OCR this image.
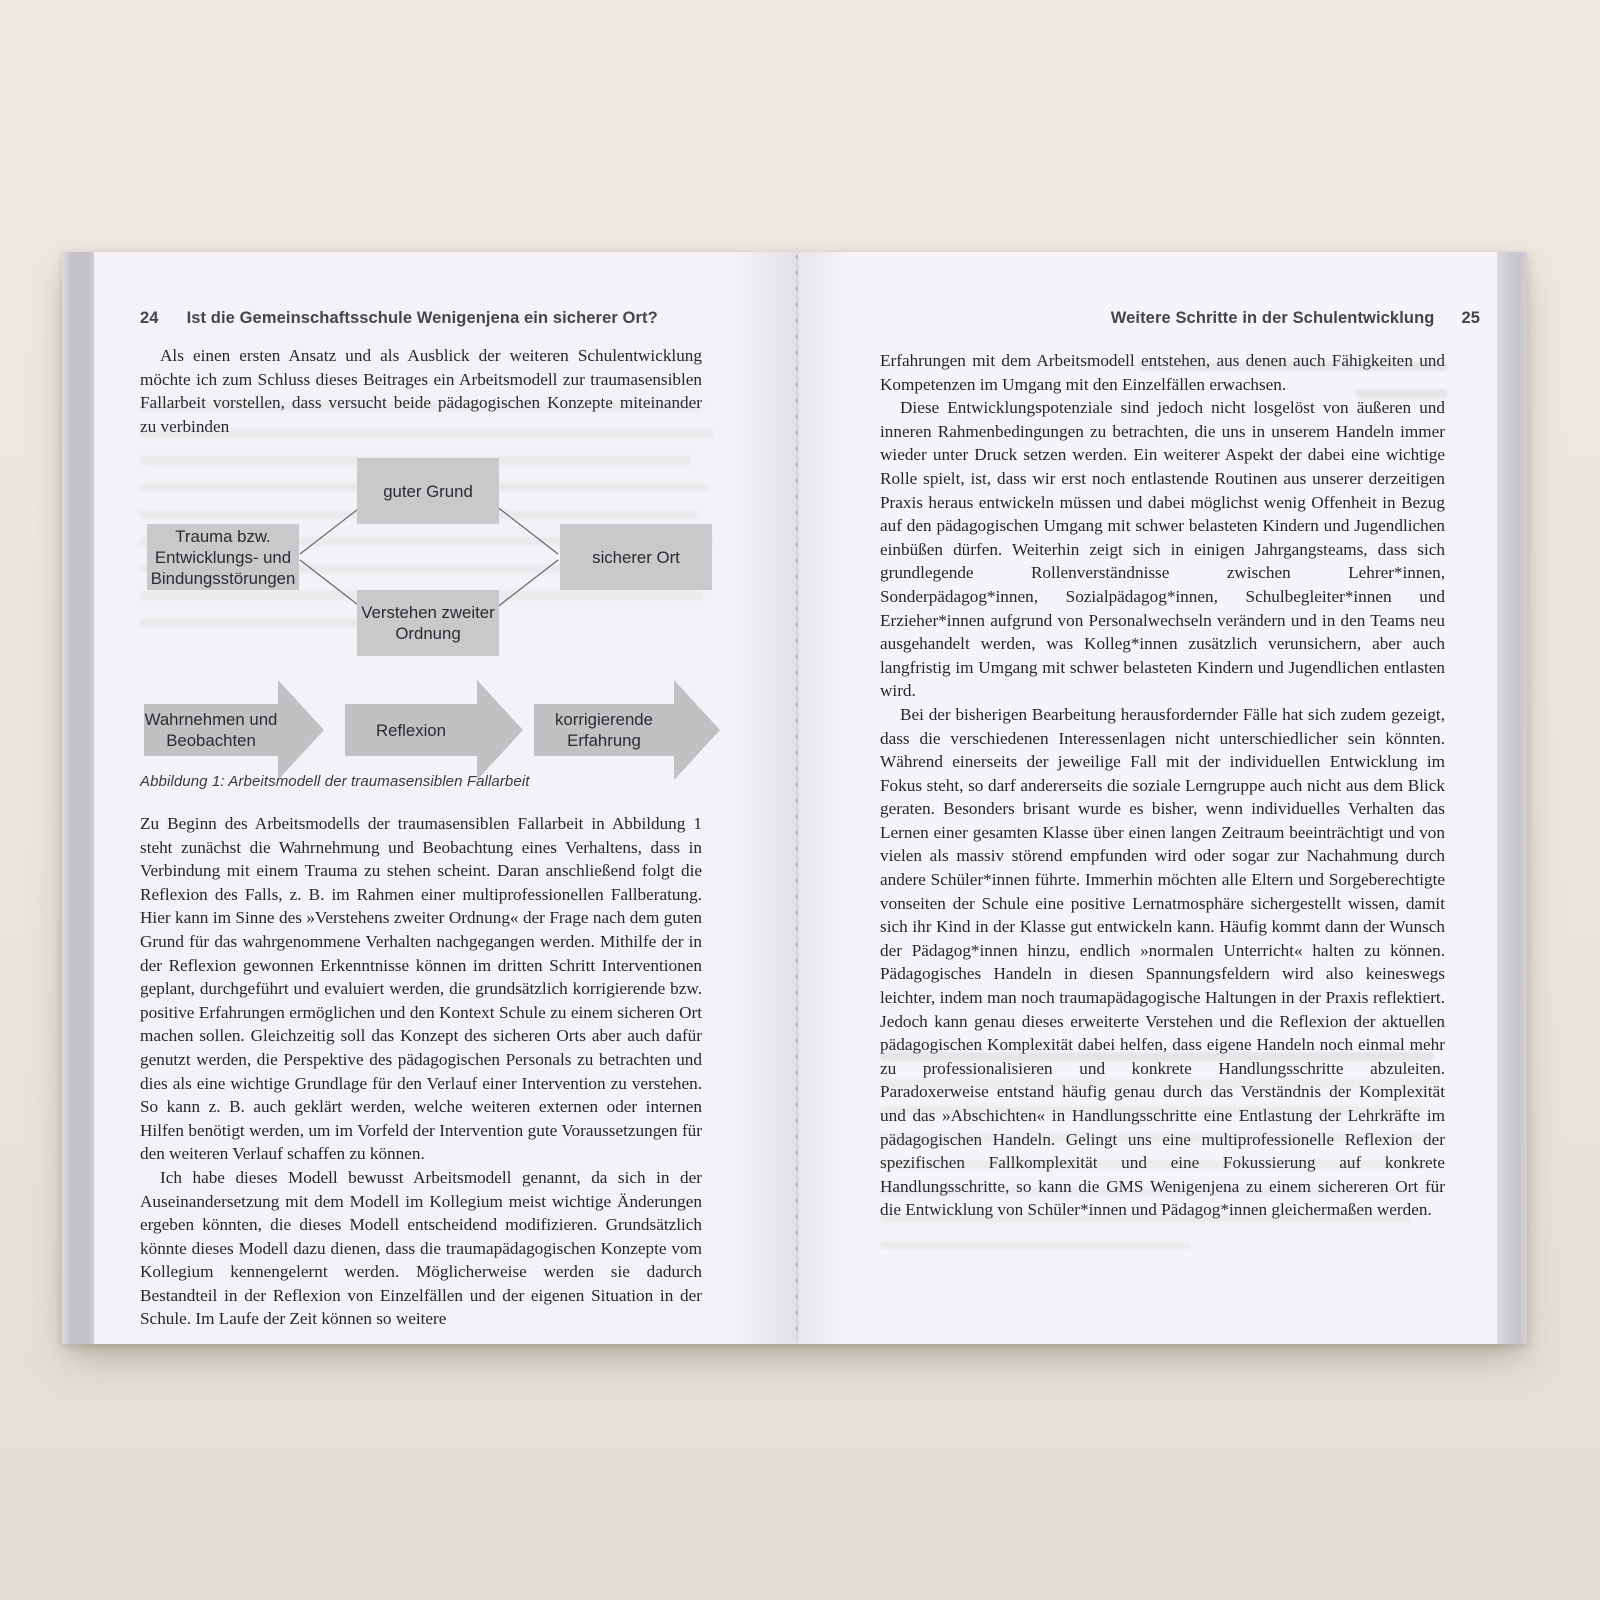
24 Ist die Gemeinschaftsschule Wenigenjena ein sicherer Ort?

Als einen ersten Ansatz und als Ausblick der weiteren Schulentwicklung möchte ich zum Schluss dieses Beitrages ein Arbeitsmodell zur traumasensiblen Fallarbeit vorstellen, dass versucht beide pädagogischen Konzepte miteinander zu verbinden

Trauma bzw. Entwicklungs- und Bindungsstörungen
guter Grund
Verstehen zweiter Ordnung
sicherer Ort
Wahrnehmen und Beobachten
Reflexion
korrigierende Erfahrung
Abbildung 1: Arbeitsmodell der traumasensiblen Fallarbeit

Zu Beginn des Arbeitsmodells der traumasensiblen Fallarbeit in Abbildung 1 steht zunächst die Wahrnehmung und Beobachtung eines Verhaltens, dass in Verbindung mit einem Trauma zu stehen scheint. Daran anschließend folgt die Reflexion des Falls, z. B. im Rahmen einer multiprofessionellen Fallberatung. Hier kann im Sinne des »Verstehens zweiter Ordnung« der Frage nach dem guten Grund für das wahrgenommene Verhalten nachgegangen werden. Mithilfe der in der Reflexion gewonnen Erkenntnisse können im dritten Schritt Interventionen geplant, durchgeführt und evaluiert werden, die grundsätzlich korrigierende bzw. positive Erfahrungen ermöglichen und den Kontext Schule zu einem sicheren Ort machen sollen. Gleichzeitig soll das Konzept des sicheren Orts aber auch dafür genutzt werden, die Perspektive des pädagogischen Personals zu betrachten und dies als eine wichtige Grundlage für den Verlauf einer Intervention zu verstehen. So kann z. B. auch geklärt werden, welche weiteren externen oder internen Hilfen benötigt werden, um im Vorfeld der Intervention gute Voraussetzungen für den weiteren Verlauf schaffen zu können.

Ich habe dieses Modell bewusst Arbeitsmodell genannt, da sich in der Auseinandersetzung mit dem Modell im Kollegium meist wichtige Änderungen ergeben könnten, die dieses Modell entscheidend modifizieren. Grundsätzlich könnte dieses Modell dazu dienen, dass die traumapädagogischen Konzepte vom Kollegium kennengelernt werden. Möglicherweise werden sie dadurch Bestandteil in der Reflexion von Einzelfällen und der eigenen Situation in der Schule. Im Laufe der Zeit können so weitere

Weitere Schritte in der Schulentwicklung 25

Erfahrungen mit dem Arbeitsmodell entstehen, aus denen auch Fähigkeiten und Kompetenzen im Umgang mit den Einzelfällen erwachsen.

Diese Entwicklungspotenziale sind jedoch nicht losgelöst von äußeren und inneren Rahmenbedingungen zu betrachten, die uns in unserem Handeln immer wieder unter Druck setzen werden. Ein weiterer Aspekt der dabei eine wichtige Rolle spielt, ist, dass wir erst noch entlastende Routinen aus unserer derzeitigen Praxis heraus entwickeln müssen und dabei möglichst wenig Offenheit in Bezug auf den pädagogischen Umgang mit schwer belasteten Kindern und Jugendlichen einbüßen dürfen. Weiterhin zeigt sich in einigen Jahrgangsteams, dass sich grundlegende Rollenverständnisse zwischen Lehrer*innen, Sonderpädagog*innen, Sozialpädagog*innen, Schulbegleiter*innen und Erzieher*innen aufgrund von Personalwechseln verändern und in den Teams neu ausgehandelt werden, was Kolleg*innen zusätzlich verunsichern, aber auch langfristig im Umgang mit schwer belasteten Kindern und Jugendlichen entlasten wird.

Bei der bisherigen Bearbeitung herausfordernder Fälle hat sich zudem gezeigt, dass die verschiedenen Interessenlagen nicht unterschiedlicher sein könnten. Während einerseits der jeweilige Fall mit der individuellen Entwicklung im Fokus steht, so darf andererseits die soziale Lerngruppe auch nicht aus dem Blick geraten. Besonders brisant wurde es bisher, wenn individuelles Verhalten das Lernen einer gesamten Klasse über einen langen Zeitraum beeinträchtigt und von vielen als massiv störend empfunden wird oder sogar zur Nachahmung durch andere Schüler*innen führte. Immerhin möchten alle Eltern und Sorgeberechtigte vonseiten der Schule eine positive Lernatmosphäre sichergestellt wissen, damit sich ihr Kind in der Klasse gut entwickeln kann. Häufig kommt dann der Wunsch der Pädagog*innen hinzu, endlich »normalen Unterricht« halten zu können. Pädagogisches Handeln in diesen Spannungsfeldern wird also keineswegs leichter, indem man noch traumapädagogische Haltungen in der Praxis reflektiert. Jedoch kann genau dieses erweiterte Verstehen und die Reflexion der aktuellen pädagogischen Komplexität dabei helfen, dass eigene Handeln noch einmal mehr zu professionalisieren und konkrete Handlungsschritte abzuleiten. Paradoxerweise entstand häufig genau durch das Verständnis der Komplexität und das »Abschichten« in Handlungsschritte eine Entlastung der Lehrkräfte im pädagogischen Handeln. Gelingt uns eine multiprofessionelle Reflexion der spezifischen Fallkomplexität und eine Fokussierung auf konkrete Handlungsschritte, so kann die GMS Wenigenjena zu einem sichereren Ort für die Entwicklung von Schüler*innen und Pädagog*innen gleichermaßen werden.
